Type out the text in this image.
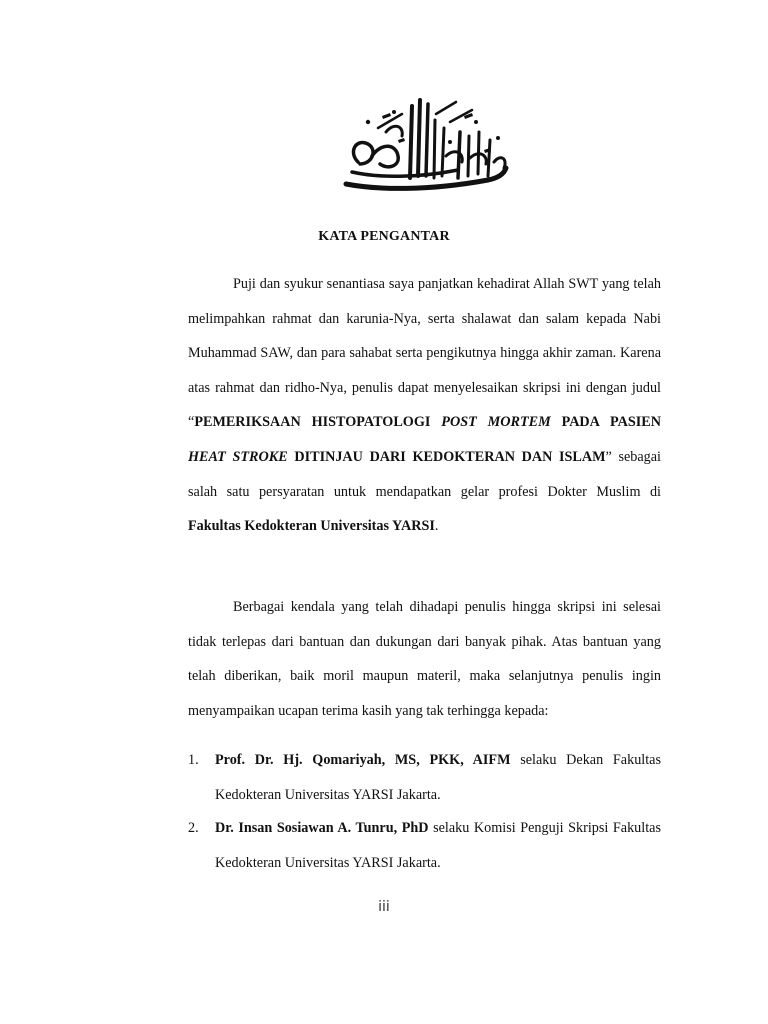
KATA PENGANTAR
Puji dan syukur senantiasa saya panjatkan kehadirat Allah SWT yang telah melimpahkan rahmat dan karunia-Nya, serta shalawat dan salam kepada Nabi Muhammad SAW, dan para sahabat serta pengikutnya hingga akhir zaman. Karena atas rahmat dan ridho-Nya, penulis dapat menyelesaikan skripsi ini dengan judul “PEMERIKSAAN HISTOPATOLOGI POST MORTEM PADA PASIEN HEAT STROKE DITINJAU DARI KEDOKTERAN DAN ISLAM” sebagai salah satu persyaratan untuk mendapatkan gelar profesi Dokter Muslim di Fakultas Kedokteran Universitas YARSI.
Berbagai kendala yang telah dihadapi penulis hingga skripsi ini selesai tidak terlepas dari bantuan dan dukungan dari banyak pihak. Atas bantuan yang telah diberikan, baik moril maupun materil, maka selanjutnya penulis ingin menyampaikan ucapan terima kasih yang tak terhingga kepada:
1.	Prof. Dr. Hj. Qomariyah, MS, PKK, AIFM selaku Dekan Fakultas Kedokteran Universitas YARSI Jakarta.
2.	Dr. Insan Sosiawan A. Tunru, PhD selaku Komisi Penguji Skripsi Fakultas Kedokteran Universitas YARSI Jakarta.
iii
